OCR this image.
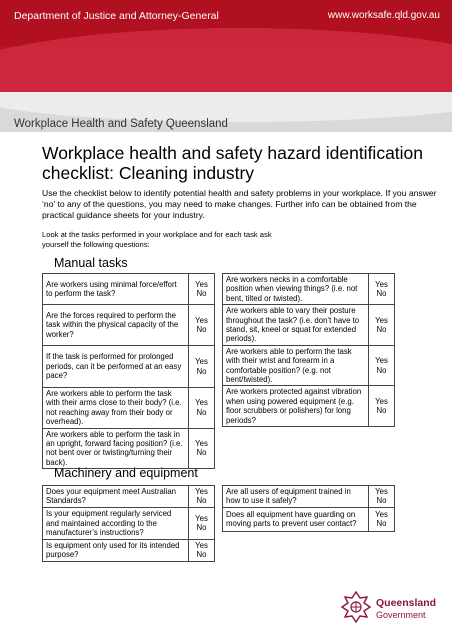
Department of Justice and Attorney-General	www.worksafe.qld.gov.au
Workplace Health and Safety Queensland
Workplace health and safety hazard identification checklist: Cleaning industry
Use the checklist below to identify potential health and safety problems in your workplace. If you answer ‘no’ to any of the questions, you may need to make changes. Further info can be obtained from the practical guidance sheets for your industry.
Look at the tasks performed in your workplace and for each task ask yourself the following questions:
Manual tasks
Are workers using minimal force/effort to perform the task?	Yes
No

Are the forces required to perform the task within the physical capacity of the worker?	Yes
No

If the task is performed for prolonged periods, can it be performed at an easy pace?	Yes
No

Are workers able to perform the task with their arms close to their body? (i.e. not reaching away from their body or overhead).	Yes
No

Are workers able to perform the task in an upright, forward facing position? (i.e. not bent over or twisting/turning their back).	Yes
No
Are workers necks in a comfortable position when viewing things? (i.e. not bent, tilted or twisted).	Yes
No

Are workers able to vary their posture throughout the task? (i.e. don’t have to stand, sit, kneel or squat for extended periods).	Yes
No

Are workers able to perform the task with their wrist and forearm in a comfortable position? (e.g. not bent/twisted).	Yes
No

Are workers protected against vibration when using powered equipment (e.g. floor scrubbers or polishers) for long periods?	Yes
No
Machinery and equipment
Does your equipment meet Australian Standards?	Yes
No

Is your equipment regularly serviced and maintained according to the manufacturer’s instructions?	Yes
No

Is equipment only used for its intended purpose?	Yes
No
Are all users of equipment trained in how to use it safely?	Yes
No

Does all equipment have guarding on moving parts to prevent user contact?	Yes
No
Queensland
Government
